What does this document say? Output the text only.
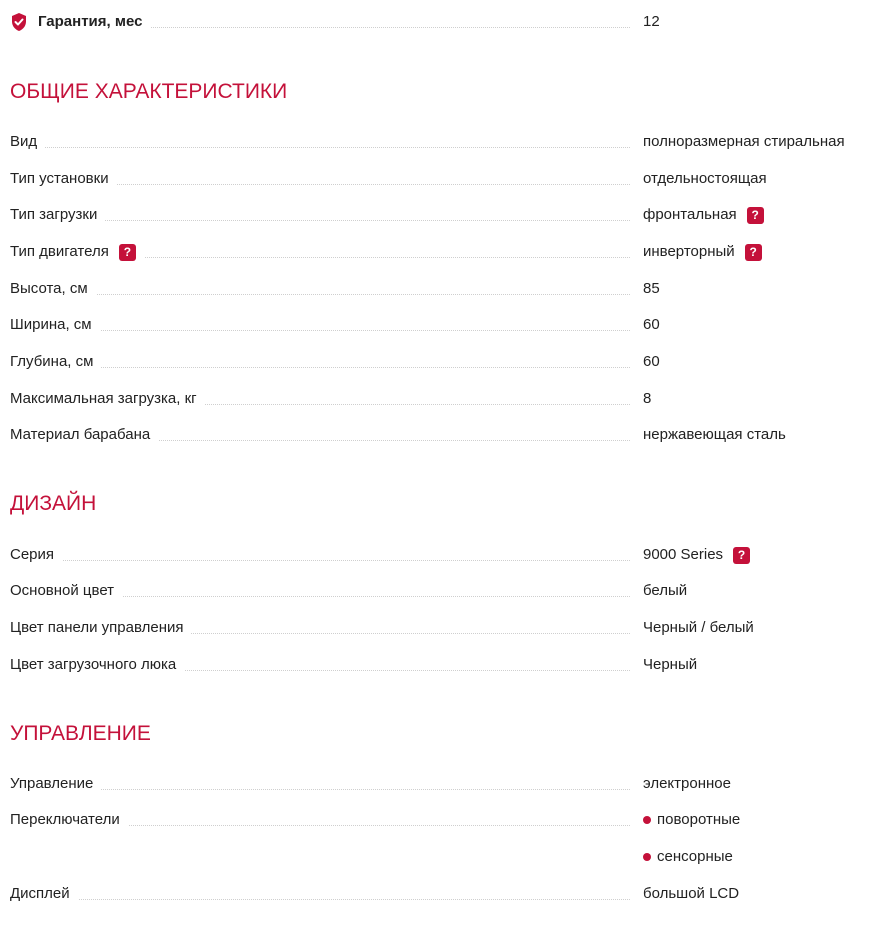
Гарантия, мес	12
ОБЩИЕ ХАРАКТЕРИСТИКИ
Вид	полноразмерная стиральная
Тип установки	отдельностоящая
Тип загрузки	фронтальная	?
Тип двигателя	?	инверторный	?
Высота, см	85
Ширина, см	60
Глубина, см	60
Максимальная загрузка, кг	8
Материал барабана	нержавеющая сталь
ДИЗАЙН
Серия	9000 Series	?
Основной цвет	белый
Цвет панели управления	Черный / белый
Цвет загрузочного люка	Черный
УПРАВЛЕНИЕ
Управление	электронное
Переключатели	поворотные
сенсорные
Дисплей	большой LCD
